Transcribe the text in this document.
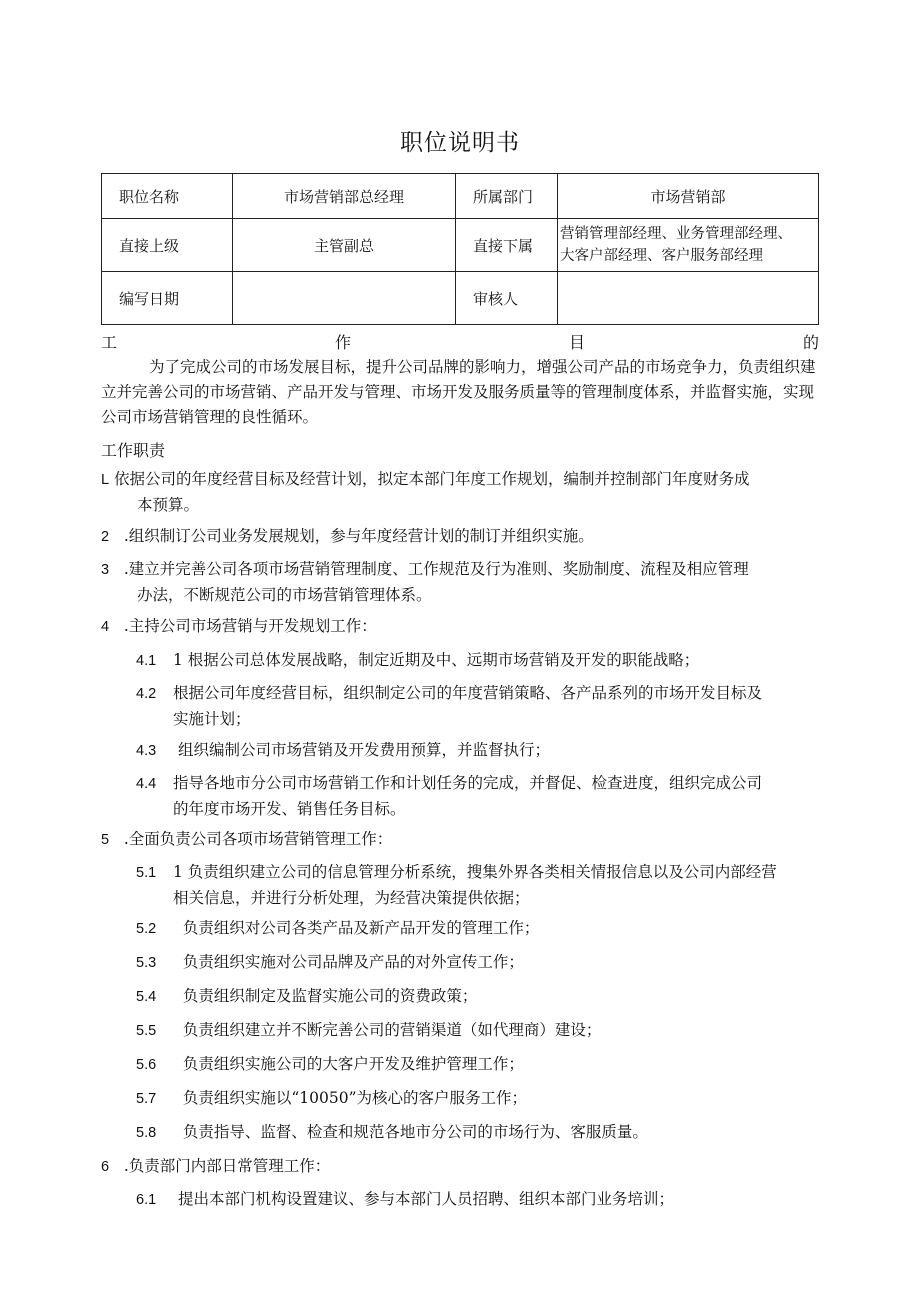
职位说明书
职位名称	市场营销部总经理	所属部门	市场营销部
直接上级	主管副总	直接下属	营销管理部经理、业务管理部经理、
大客户部经理、客户服务部经理

编写日期		审核人	
工	作	目	的
为了完成公司的市场发展目标，提升公司品牌的影响力，增强公司产品的市场竞争力，负责组织建立并完善公司的市场营销、产品开发与管理、市场开发及服务质量等的管理制度体系，并监督实施，实现公司市场营销管理的良性循环。
工作职责
L 依据公司的年度经营目标及经营计划，拟定本部门年度工作规划，编制并控制部门年度财务成
本预算。
2 .组织制订公司业务发展规划，参与年度经营计划的制订并组织实施。
3 .建立并完善公司各项市场营销管理制度、工作规范及行为准则、奖励制度、流程及相应管理
办法，不断规范公司的市场营销管理体系。
4 .主持公司市场营销与开发规划工作：
4.1 1 根据公司总体发展战略，制定近期及中、远期市场营销及开发的职能战略；
4.2 根据公司年度经营目标，组织制定公司的年度营销策略、各产品系列的市场开发目标及
实施计划；
4.3 组织编制公司市场营销及开发费用预算，并监督执行；
4.4 指导各地市分公司市场营销工作和计划任务的完成，并督促、检查进度，组织完成公司
的年度市场开发、销售任务目标。
5 .全面负责公司各项市场营销管理工作：
5.1 1 负责组织建立公司的信息管理分析系统，搜集外界各类相关情报信息以及公司内部经营
相关信息，并进行分析处理，为经营决策提供依据；
5.2 负责组织对公司各类产品及新产品开发的管理工作；
5.3 负责组织实施对公司品牌及产品的对外宣传工作；
5.4 负责组织制定及监督实施公司的资费政策；
5.5 负责组织建立并不断完善公司的营销渠道（如代理商）建设；
5.6 负责组织实施公司的大客户开发及维护管理工作；
5.7 负责组织实施以“10050”为核心的客户服务工作；
5.8 负责指导、监督、检查和规范各地市分公司的市场行为、客服质量。
6 .负责部门内部日常管理工作：
6.1 提出本部门机构设置建议、参与本部门人员招聘、组织本部门业务培训；
